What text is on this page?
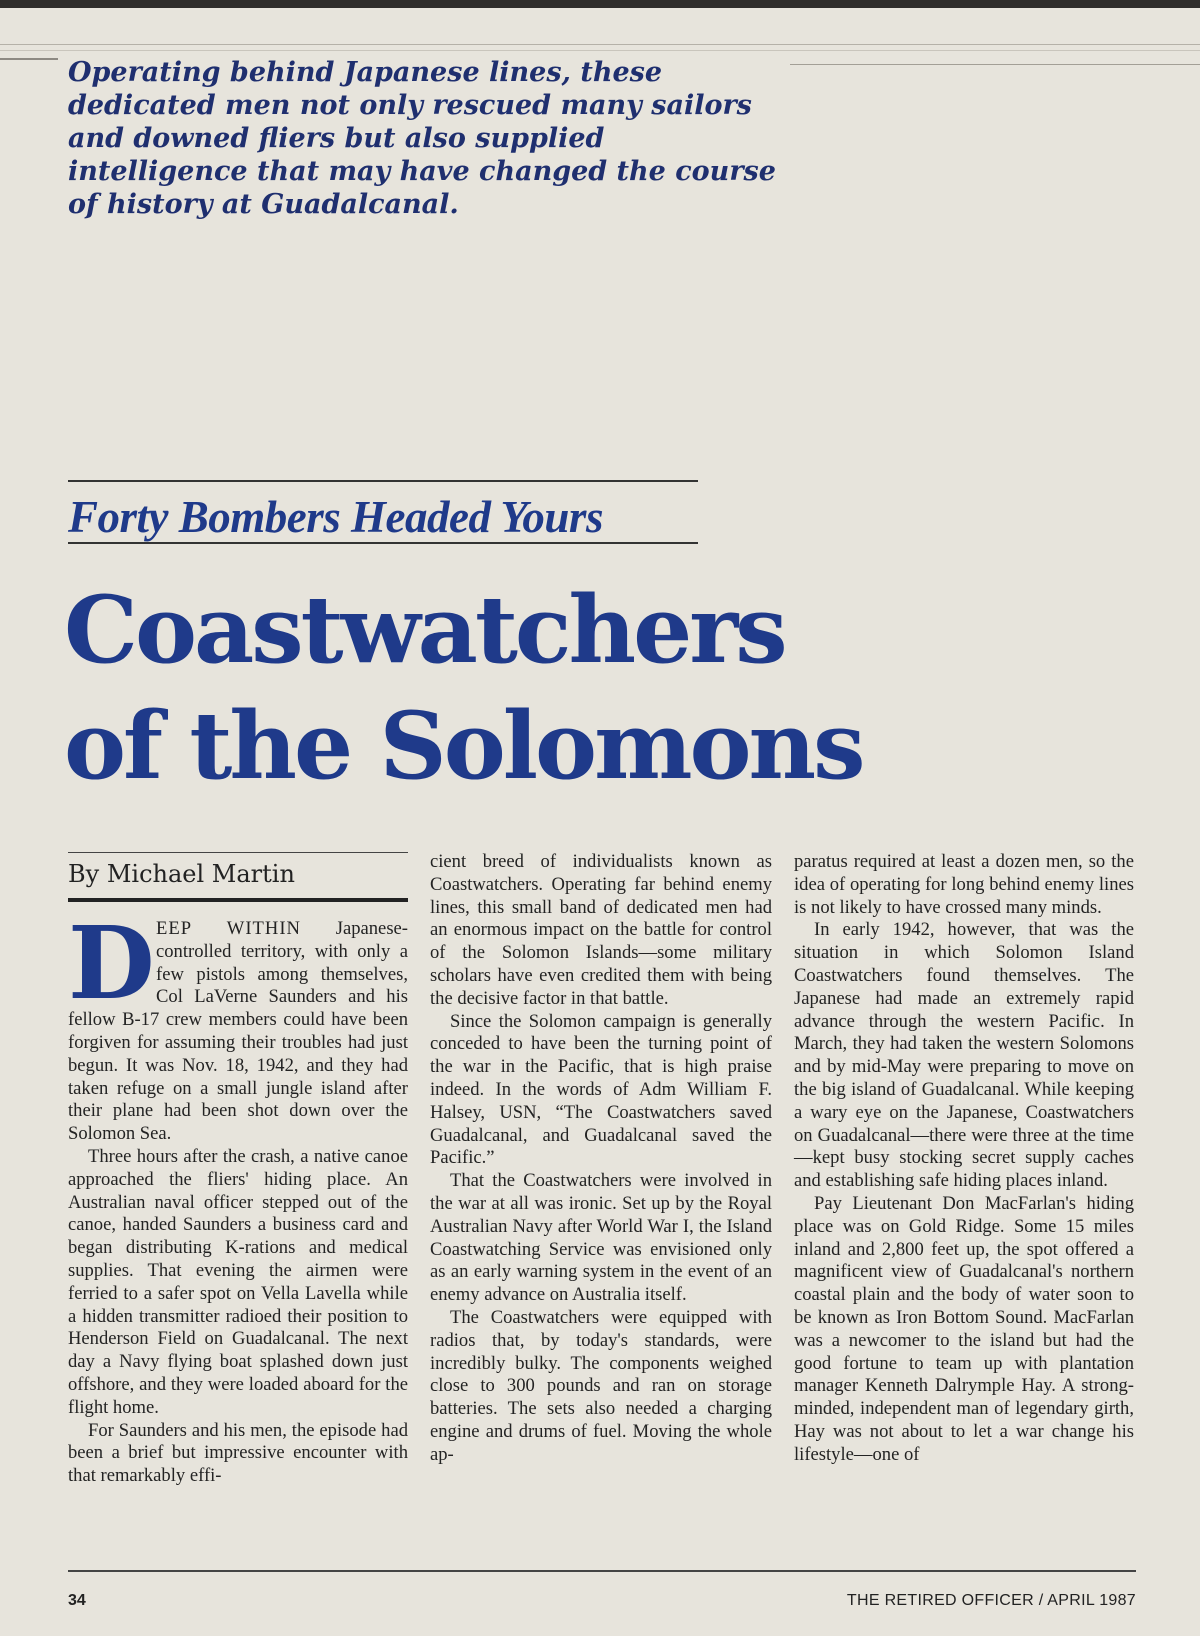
Operating behind Japanese lines, these dedicated men not only rescued many sailors and downed fliers but also supplied intelligence that may have changed the course of history at Guadalcanal.

Forty Bombers Headed Yours
Coastwatchers
of the Solomons
By Michael Martin

DEEP WITHIN Japanese-controlled territory, with only a few pistols among themselves, Col LaVerne Saunders and his fellow B-17 crew members could have been forgiven for assuming their troubles had just begun. It was Nov. 18, 1942, and they had taken refuge on a small jungle island after their plane had been shot down over the Solomon Sea.

Three hours after the crash, a native canoe approached the fliers' hiding place. An Australian naval officer stepped out of the canoe, handed Saunders a business card and began distributing K-rations and medical supplies. That evening the airmen were ferried to a safer spot on Vella Lavella while a hidden transmitter radioed their position to Henderson Field on Guadalcanal. The next day a Navy flying boat splashed down just offshore, and they were loaded aboard for the flight home.

For Saunders and his men, the episode had been a brief but impressive encounter with that remarkably effi-

cient breed of individualists known as Coastwatchers. Operating far behind enemy lines, this small band of dedicated men had an enormous impact on the battle for control of the Solomon Islands—some military scholars have even credited them with being the decisive factor in that battle.

Since the Solomon campaign is generally conceded to have been the turning point of the war in the Pacific, that is high praise indeed. In the words of Adm William F. Halsey, USN, “The Coastwatchers saved Guadalcanal, and Guadalcanal saved the Pacific.”

That the Coastwatchers were involved in the war at all was ironic. Set up by the Royal Australian Navy after World War I, the Island Coastwatching Service was envisioned only as an early warning system in the event of an enemy advance on Australia itself.

The Coastwatchers were equipped with radios that, by today's standards, were incredibly bulky. The components weighed close to 300 pounds and ran on storage batteries. The sets also needed a charging engine and drums of fuel. Moving the whole ap-

paratus required at least a dozen men, so the idea of operating for long behind enemy lines is not likely to have crossed many minds.

In early 1942, however, that was the situation in which Solomon Island Coastwatchers found themselves. The Japanese had made an extremely rapid advance through the western Pacific. In March, they had taken the western Solomons and by mid-May were preparing to move on the big island of Guadalcanal. While keeping a wary eye on the Japanese, Coastwatchers on Guadalcanal—there were three at the time—kept busy stocking secret supply caches and establishing safe hiding places inland.

Pay Lieutenant Don MacFarlan's hiding place was on Gold Ridge. Some 15 miles inland and 2,800 feet up, the spot offered a magnificent view of Guadalcanal's northern coastal plain and the body of water soon to be known as Iron Bottom Sound. MacFarlan was a newcomer to the island but had the good fortune to team up with plantation manager Kenneth Dalrymple Hay. A strong-minded, independent man of legendary girth, Hay was not about to let a war change his lifestyle—one of

34	THE RETIRED OFFICER / APRIL 1987
